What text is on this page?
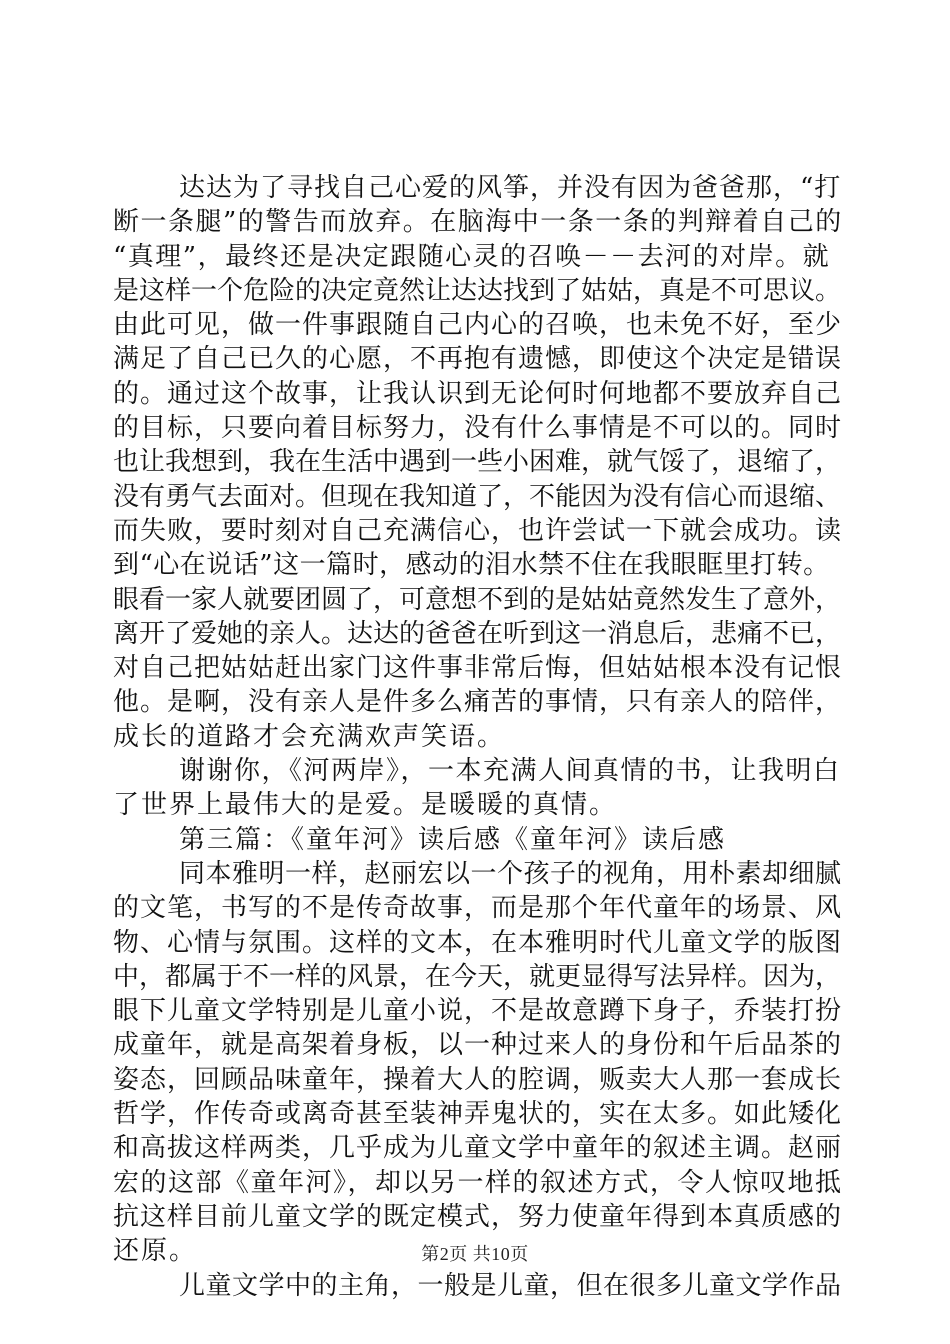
达达为了寻找自己心爱的风筝，并没有因为爸爸那，“打
断一条腿”的警告而放弃。在脑海中一条一条的判辩着自己的
“真理”，最终还是决定跟随心灵的召唤－－去河的对岸。就
是这样一个危险的决定竟然让达达找到了姑姑，真是不可思议。
由此可见，做一件事跟随自己内心的召唤，也未免不好，至少
满足了自己已久的心愿，不再抱有遗憾，即使这个决定是错误
的。通过这个故事，让我认识到无论何时何地都不要放弃自己
的目标，只要向着目标努力，没有什么事情是不可以的。同时
也让我想到，我在生活中遇到一些小困难，就气馁了，退缩了，
没有勇气去面对。但现在我知道了，不能因为没有信心而退缩、
而失败，要时刻对自己充满信心，也许尝试一下就会成功。读
到“心在说话”这一篇时，感动的泪水禁不住在我眼眶里打转。
眼看一家人就要团圆了，可意想不到的是姑姑竟然发生了意外，
离开了爱她的亲人。达达的爸爸在听到这一消息后，悲痛不已，
对自己把姑姑赶出家门这件事非常后悔，但姑姑根本没有记恨
他。是啊，没有亲人是件多么痛苦的事情，只有亲人的陪伴，
成长的道路才会充满欢声笑语。
谢谢你，《河两岸》，一本充满人间真情的书，让我明白
了世界上最伟大的是爱。是暖暖的真情。
第三篇：《童年河》读后感《童年河》读后感
同本雅明一样，赵丽宏以一个孩子的视角，用朴素却细腻
的文笔，书写的不是传奇故事，而是那个年代童年的场景、风
物、心情与氛围。这样的文本，在本雅明时代儿童文学的版图
中，都属于不一样的风景，在今天，就更显得写法异样。因为，
眼下儿童文学特别是儿童小说，不是故意蹲下身子，乔装打扮
成童年，就是高架着身板，以一种过来人的身份和午后品茶的
姿态，回顾品味童年，操着大人的腔调，贩卖大人那一套成长
哲学，作传奇或离奇甚至装神弄鬼状的，实在太多。如此矮化
和高拔这样两类，几乎成为儿童文学中童年的叙述主调。赵丽
宏的这部《童年河》，却以另一样的叙述方式，令人惊叹地抵
抗这样目前儿童文学的既定模式，努力使童年得到本真质感的
还原。
儿童文学中的主角，一般是儿童，但在很多儿童文学作品
第2页 共10页
